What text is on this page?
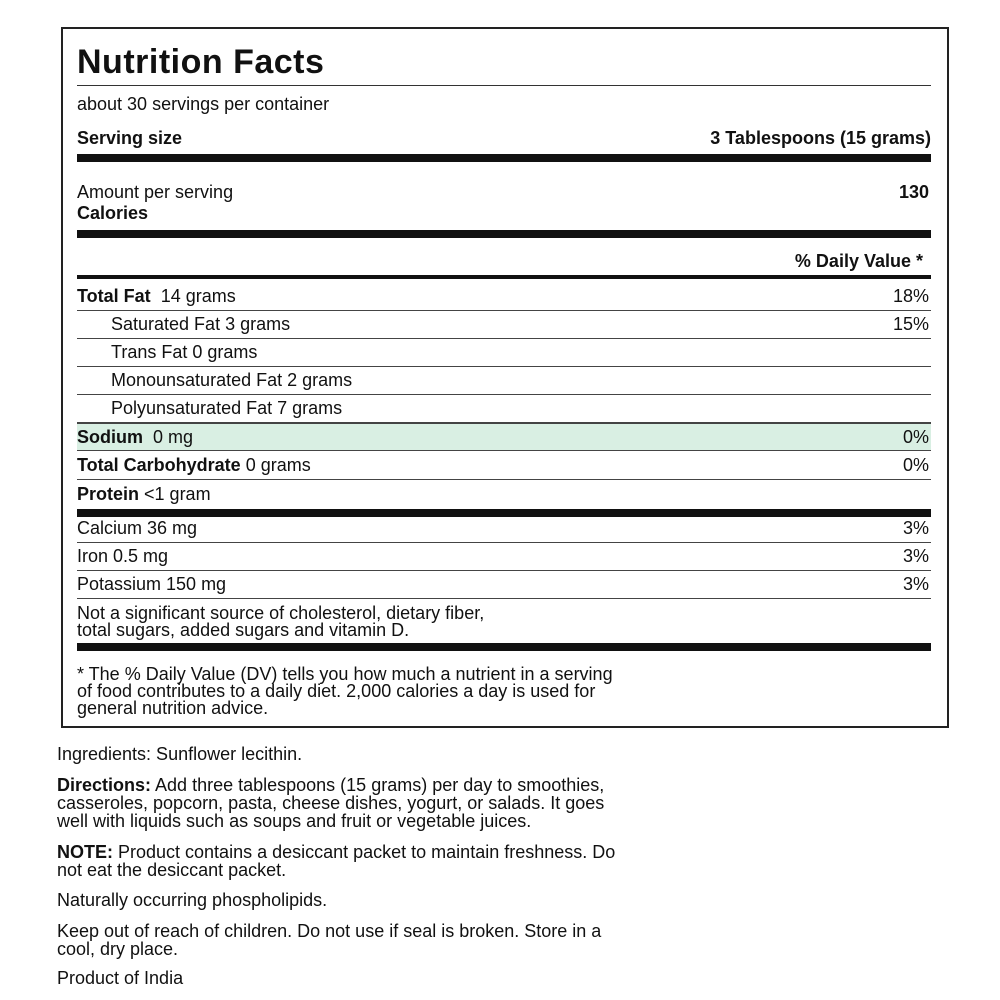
Nutrition Facts
about 30 servings per container
Serving size	3 Tablespoons (15 grams)
Amount per serving
Calories
130
% Daily Value *
Total Fat 14 grams	18%
Saturated Fat 3 grams	15%
Trans Fat 0 grams
Monounsaturated Fat 2 grams
Polyunsaturated Fat 7 grams
Sodium 0 mg	0%
Total Carbohydrate 0 grams	0%
Protein <1 gram
Calcium 36 mg	3%
Iron 0.5 mg	3%
Potassium 150 mg	3%
Not a significant source of cholesterol, dietary fiber,
total sugars, added sugars and vitamin D.
* The % Daily Value (DV) tells you how much a nutrient in a serving
of food contributes to a daily diet. 2,000 calories a day is used for
general nutrition advice.
Ingredients: Sunflower lecithin.
Directions: Add three tablespoons (15 grams) per day to smoothies,
casseroles, popcorn, pasta, cheese dishes, yogurt, or salads. It goes
well with liquids such as soups and fruit or vegetable juices.
NOTE: Product contains a desiccant packet to maintain freshness. Do
not eat the desiccant packet.
Naturally occurring phospholipids.
Keep out of reach of children. Do not use if seal is broken. Store in a
cool, dry place.
Product of India
